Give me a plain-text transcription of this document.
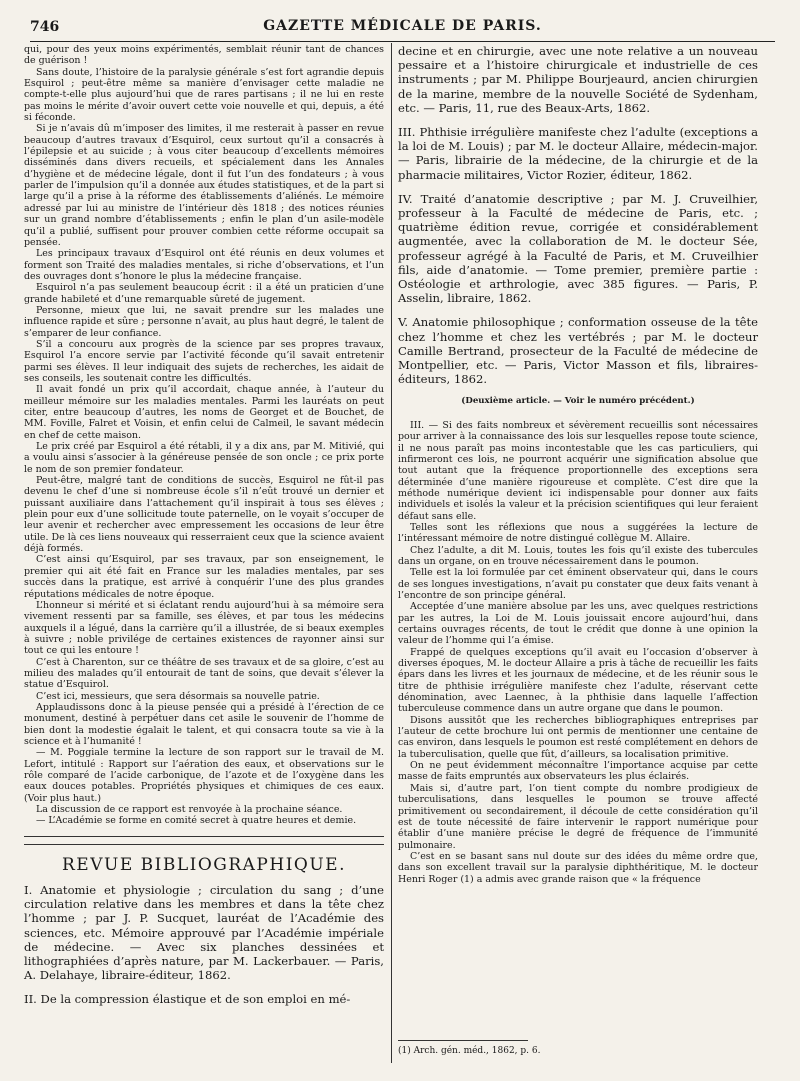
746	GAZETTE MÉDICALE DE PARIS.

qui, pour des yeux moins expérimentés, semblait réunir tant de chances de guérison !

Sans doute, l’histoire de la paralysie générale s’est fort agrandie depuis Esquirol ; peut-être même sa manière d’envisager cette maladie ne compte-t-elle plus aujourd’hui que de rares partisans ; il ne lui en reste pas moins le mérite d’avoir ouvert cette voie nouvelle et qui, depuis, a été si féconde.

Si je n’avais dû m’imposer des limites, il me resterait à passer en revue beaucoup d’autres travaux d’Esquirol, ceux surtout qu’il a consacrés à l’épilepsie et au suicide ; à vous citer beaucoup d’excellents mémoires disséminés dans divers recueils, et spécialement dans les Annales d’hygiène et de médecine légale, dont il fut l’un des fondateurs ; à vous parler de l’impulsion qu’il a donnée aux études statistiques, et de la part si large qu’il a prise à la réforme des établissements d’aliénés. Le mémoire adressé par lui au ministre de l’intérieur dès 1818 ; des notices réunies sur un grand nombre d’établissements ; enfin le plan d’un asile-modèle qu’il a publié, suffisent pour prouver combien cette réforme occupait sa pensée.

Les principaux travaux d’Esquirol ont été réunis en deux volumes et forment son Traité des maladies mentales, si riche d’observations, et l’un des ouvrages dont s’honore le plus la médecine française.

Esquirol n’a pas seulement beaucoup écrit : il a été un praticien d’une grande habileté et d’une remarquable sûreté de jugement.

Personne, mieux que lui, ne savait prendre sur les malades une influence rapide et sûre ; personne n’avait, au plus haut degré, le talent de s’emparer de leur confiance.

S’il a concouru aux progrès de la science par ses propres travaux, Esquirol l’a encore servie par l’activité féconde qu’il savait entretenir parmi ses élèves. Il leur indiquait des sujets de recherches, les aidait de ses conseils, les soutenait contre les difficultés.

Il avait fondé un prix qu’il accordait, chaque année, à l’auteur du meilleur mémoire sur les maladies mentales. Parmi les lauréats on peut citer, entre beaucoup d’autres, les noms de Georget et de Bouchet, de MM. Foville, Falret et Voisin, et enfin celui de Calmeil, le savant médecin en chef de cette maison.

Le prix créé par Esquirol a été rétabli, il y a dix ans, par M. Mitivié, qui a voulu ainsi s’associer à la généreuse pensée de son oncle ; ce prix porte le nom de son premier fondateur.

Peut-être, malgré tant de conditions de succès, Esquirol ne fût-il pas devenu le chef d’une si nombreuse école s’il n’eût trouvé un dernier et puissant auxiliaire dans l’attachement qu’il inspirait à tous ses élèves ; plein pour eux d’une sollicitude toute paternelle, on le voyait s’occuper de leur avenir et rechercher avec empressement les occasions de leur être utile. De là ces liens nouveaux qui resserraient ceux que la science avaient déjà formés.

C’est ainsi qu’Esquirol, par ses travaux, par son enseignement, le premier qui ait été fait en France sur les maladies mentales, par ses succès dans la pratique, est arrivé à conquérir l’une des plus grandes réputations médicales de notre époque.

L’honneur si mérité et si éclatant rendu aujourd’hui à sa mémoire sera vivement ressenti par sa famille, ses élèves, et par tous les médecins auxquels il a légué, dans la carrière qu’il a illustrée, de si beaux exemples à suivre ; noble privilége de certaines existences de rayonner ainsi sur tout ce qui les entoure !

C’est à Charenton, sur ce théâtre de ses travaux et de sa gloire, c’est au milieu des malades qu’il entourait de tant de soins, que devait s’élever la statue d’Esquirol.

C’est ici, messieurs, que sera désormais sa nouvelle patrie.

Applaudissons donc à la pieuse pensée qui a présidé à l’érection de ce monument, destiné à perpétuer dans cet asile le souvenir de l’homme de bien dont la modestie égalait le talent, et qui consacra toute sa vie à la science et à l’humanité !

— M. Poggiale termine la lecture de son rapport sur le travail de M. Lefort, intitulé : Rapport sur l’aération des eaux, et observations sur le rôle comparé de l’acide carbonique, de l’azote et de l’oxygène dans les eaux douces potables. Propriétés physiques et chimiques de ces eaux. (Voir plus haut.)

La discussion de ce rapport est renvoyée à la prochaine séance.

— L’Académie se forme en comité secret à quatre heures et demie.

REVUE BIBLIOGRAPHIQUE.

I. Anatomie et physiologie ; circulation du sang ; d’une circulation relative dans les membres et dans la tête chez l’homme ; par J. P. Sucquet, lauréat de l’Académie des sciences, etc. Mémoire approuvé par l’Académie impériale de médecine. — Avec six planches dessinées et lithographiées d’après nature, par M. Lackerbauer. — Paris, A. Delahaye, libraire-éditeur, 1862.

II. De la compression élastique et de son emploi en mé-

decine et en chirurgie, avec une note relative a un nouveau pessaire et a l’histoire chirurgicale et industrielle de ces instruments ; par M. Philippe Bourjeaurd, ancien chirurgien de la marine, membre de la nouvelle Société de Sydenham, etc. — Paris, 11, rue des Beaux-Arts, 1862.

III. Phthisie irrégulière manifeste chez l’adulte (exceptions a la loi de M. Louis) ; par M. le docteur Allaire, médecin-major. — Paris, librairie de la médecine, de la chirurgie et de la pharmacie militaires, Victor Rozier, éditeur, 1862.

IV. Traité d’anatomie descriptive ; par M. J. Cruveilhier, professeur à la Faculté de médecine de Paris, etc. ; quatrième édition revue, corrigée et considérablement augmentée, avec la collaboration de M. le docteur Sée, professeur agrégé à la Faculté de Paris, et M. Cruveilhier fils, aide d’anatomie. — Tome premier, première partie : Ostéologie et arthrologie, avec 385 figures. — Paris, P. Asselin, libraire, 1862.

V. Anatomie philosophique ; conformation osseuse de la tête chez l’homme et chez les vertébrés ; par M. le docteur Camille Bertrand, prosecteur de la Faculté de médecine de Montpellier, etc. — Paris, Victor Masson et fils, libraires-éditeurs, 1862.

(Deuxième article. — Voir le numéro précédent.)

III. — Si des faits nombreux et sévèrement recueillis sont nécessaires pour arriver à la connaissance des lois sur lesquelles repose toute science, il ne nous paraît pas moins incontestable que les cas particuliers, qui infirmeront ces lois, ne pourront acquérir une signification absolue que tout autant que la fréquence proportionnelle des exceptions sera déterminée d’une manière rigoureuse et complète. C’est dire que la méthode numérique devient ici indispensable pour donner aux faits individuels et isolés la valeur et la précision scientifiques qui leur feraient défaut sans elle.

Telles sont les réflexions que nous a suggérées la lecture de l’intéressant mémoire de notre distingué collègue M. Allaire.

Chez l’adulte, a dit M. Louis, toutes les fois qu’il existe des tubercules dans un organe, on en trouve nécessairement dans le poumon.

Telle est la loi formulée par cet éminent observateur qui, dans le cours de ses longues investigations, n’avait pu constater que deux faits venant à l’encontre de son principe général.

Acceptée d’une manière absolue par les uns, avec quelques restrictions par les autres, la Loi de M. Louis jouissait encore aujourd’hui, dans certains ouvrages récents, de tout le crédit que donne à une opinion la valeur de l’homme qui l’a émise.

Frappé de quelques exceptions qu’il avait eu l’occasion d’observer à diverses époques, M. le docteur Allaire a pris à tâche de recueillir les faits épars dans les livres et les journaux de médecine, et de les réunir sous le titre de phthisie irrégulière manifeste chez l’adulte, réservant cette dénomination, avec Laennec, à la phthisie dans laquelle l’affection tuberculeuse commence dans un autre organe que dans le poumon.

Disons aussitôt que les recherches bibliographiques entreprises par l’auteur de cette brochure lui ont permis de mentionner une centaine de cas environ, dans lesquels le poumon est resté complétement en dehors de la tuberculisation, quelle que fût, d’ailleurs, sa localisation primitive.

On ne peut évidemment méconnaître l’importance acquise par cette masse de faits empruntés aux observateurs les plus éclairés.

Mais si, d’autre part, l’on tient compte du nombre prodigieux de tuberculisations, dans lesquelles le poumon se trouve affecté primitivement ou secondairement, il découle de cette considération qu’il est de toute nécessité de faire intervenir le rapport numérique pour établir d’une manière précise le degré de fréquence de l’immunité pulmonaire.

C’est en se basant sans nul doute sur des idées du même ordre que, dans son excellent travail sur la paralysie diphthéritique, M. le docteur Henri Roger (1) a admis avec grande raison que « la fréquence

(1) Arch. gén. méd., 1862, p. 6.
